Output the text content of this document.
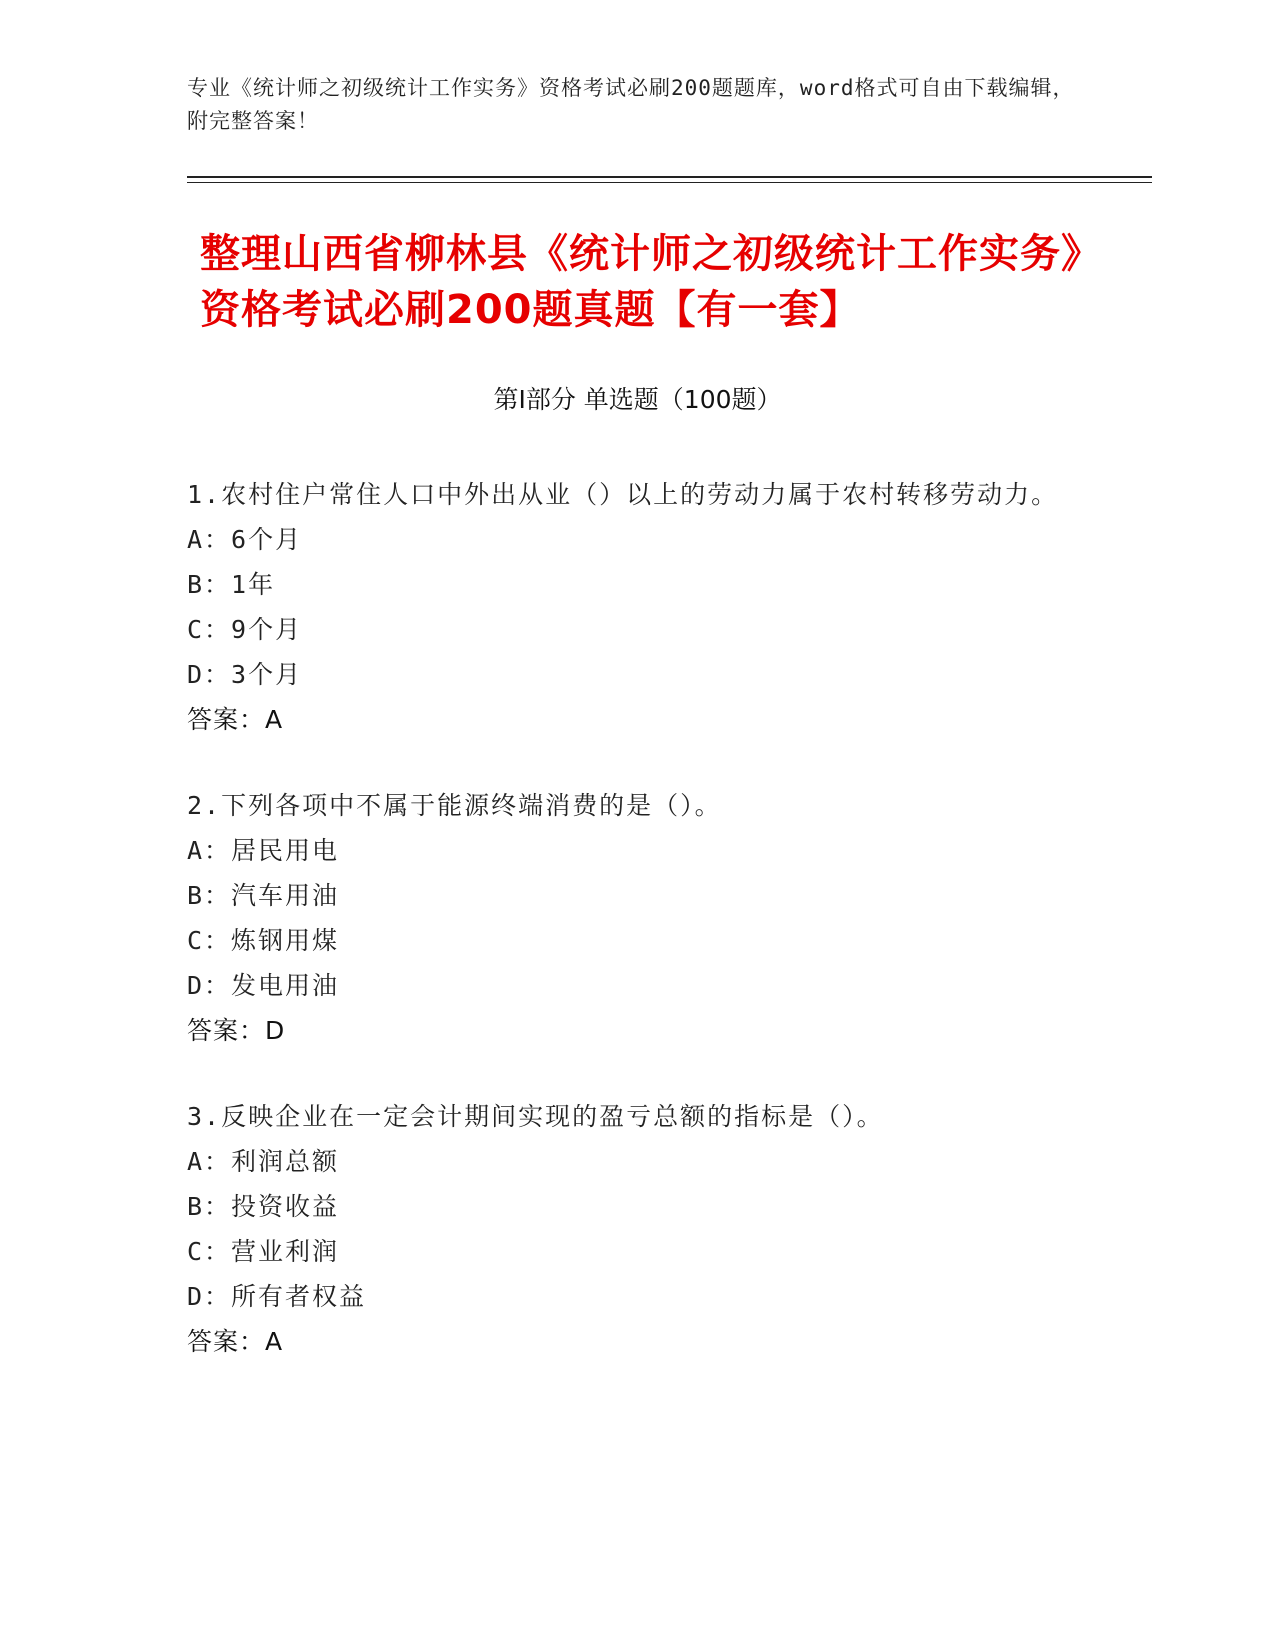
专业《统计师之初级统计工作实务》资格考试必刷200题题库，word格式可自由下载编辑，附完整答案！
整理山西省柳林县《统计师之初级统计工作实务》资格考试必刷200题真题【有一套】
第Ⅰ部分 单选题（100题）
1.农村住户常住人口中外出从业（）以上的劳动力属于农村转移劳动力。
A：6个月
B：1年
C：9个月
D：3个月
答案：A
2.下列各项中不属于能源终端消费的是（）。
A：居民用电
B：汽车用油
C：炼钢用煤
D：发电用油
答案：D
3.反映企业在一定会计期间实现的盈亏总额的指标是（）。
A：利润总额
B：投资收益
C：营业利润
D：所有者权益
答案：A
